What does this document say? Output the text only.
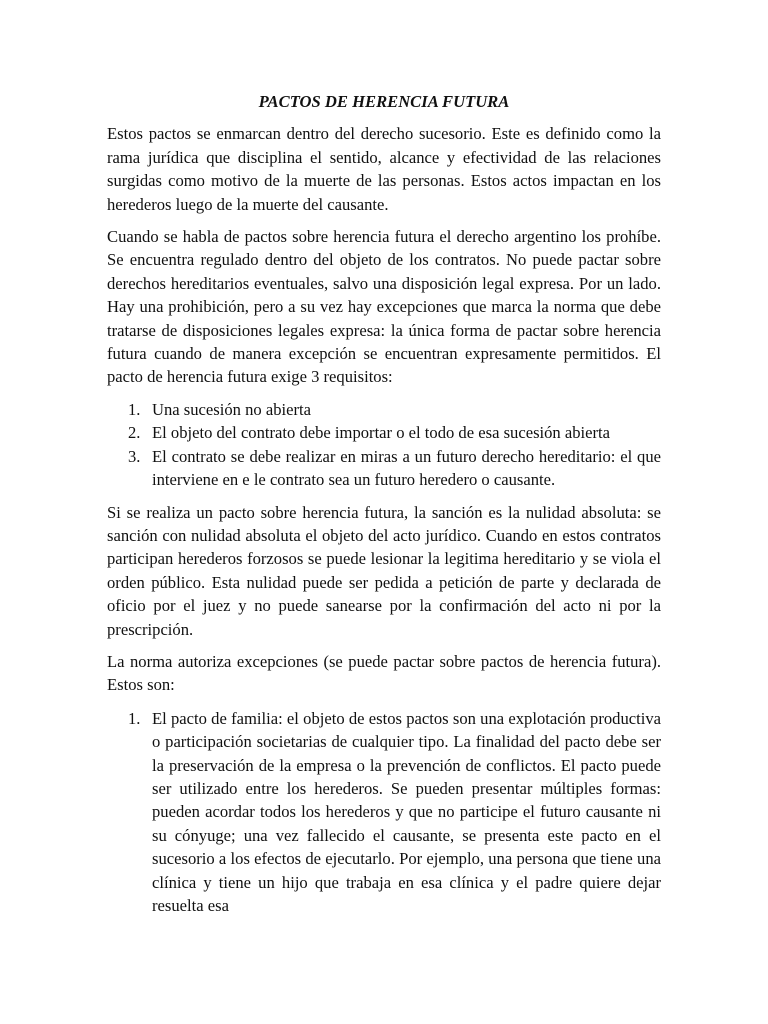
PACTOS DE HERENCIA FUTURA

Estos pactos se enmarcan dentro del derecho sucesorio. Este es definido como la rama jurídica que disciplina el sentido, alcance y efectividad de las relaciones surgidas como motivo de la muerte de las personas. Estos actos impactan en los herederos luego de la muerte del causante.

Cuando se habla de pactos sobre herencia futura el derecho argentino los prohíbe. Se encuentra regulado dentro del objeto de los contratos. No puede pactar sobre derechos hereditarios eventuales, salvo una disposición legal expresa. Por un lado. Hay una prohibición, pero a su vez hay excepciones que marca la norma que debe tratarse de disposiciones legales expresa: la única forma de pactar sobre herencia futura cuando de manera excepción se encuentran expresamente permitidos. El pacto de herencia futura exige 3 requisitos:

1. Una sucesión no abierta
2. El objeto del contrato debe importar o el todo de esa sucesión abierta
3. El contrato se debe realizar en miras a un futuro derecho hereditario: el que interviene en e le contrato sea un futuro heredero o causante.

Si se realiza un pacto sobre herencia futura, la sanción es la nulidad absoluta: se sanción con nulidad absoluta el objeto del acto jurídico. Cuando en estos contratos participan herederos forzosos se puede lesionar la legitima hereditario y se viola el orden público. Esta nulidad puede ser pedida a petición de parte y declarada de oficio por el juez y no puede sanearse por la confirmación del acto ni por la prescripción.

La norma autoriza excepciones (se puede pactar sobre pactos de herencia futura). Estos son:

1. El pacto de familia: el objeto de estos pactos son una explotación productiva o participación societarias de cualquier tipo. La finalidad del pacto debe ser la preservación de la empresa o la prevención de conflictos. El pacto puede ser utilizado entre los herederos. Se pueden presentar múltiples formas: pueden acordar todos los herederos y que no participe el futuro causante ni su cónyuge; una vez fallecido el causante, se presenta este pacto en el sucesorio a los efectos de ejecutarlo. Por ejemplo, una persona que tiene una clínica y tiene un hijo que trabaja en esa clínica y el padre quiere dejar resuelta esa
